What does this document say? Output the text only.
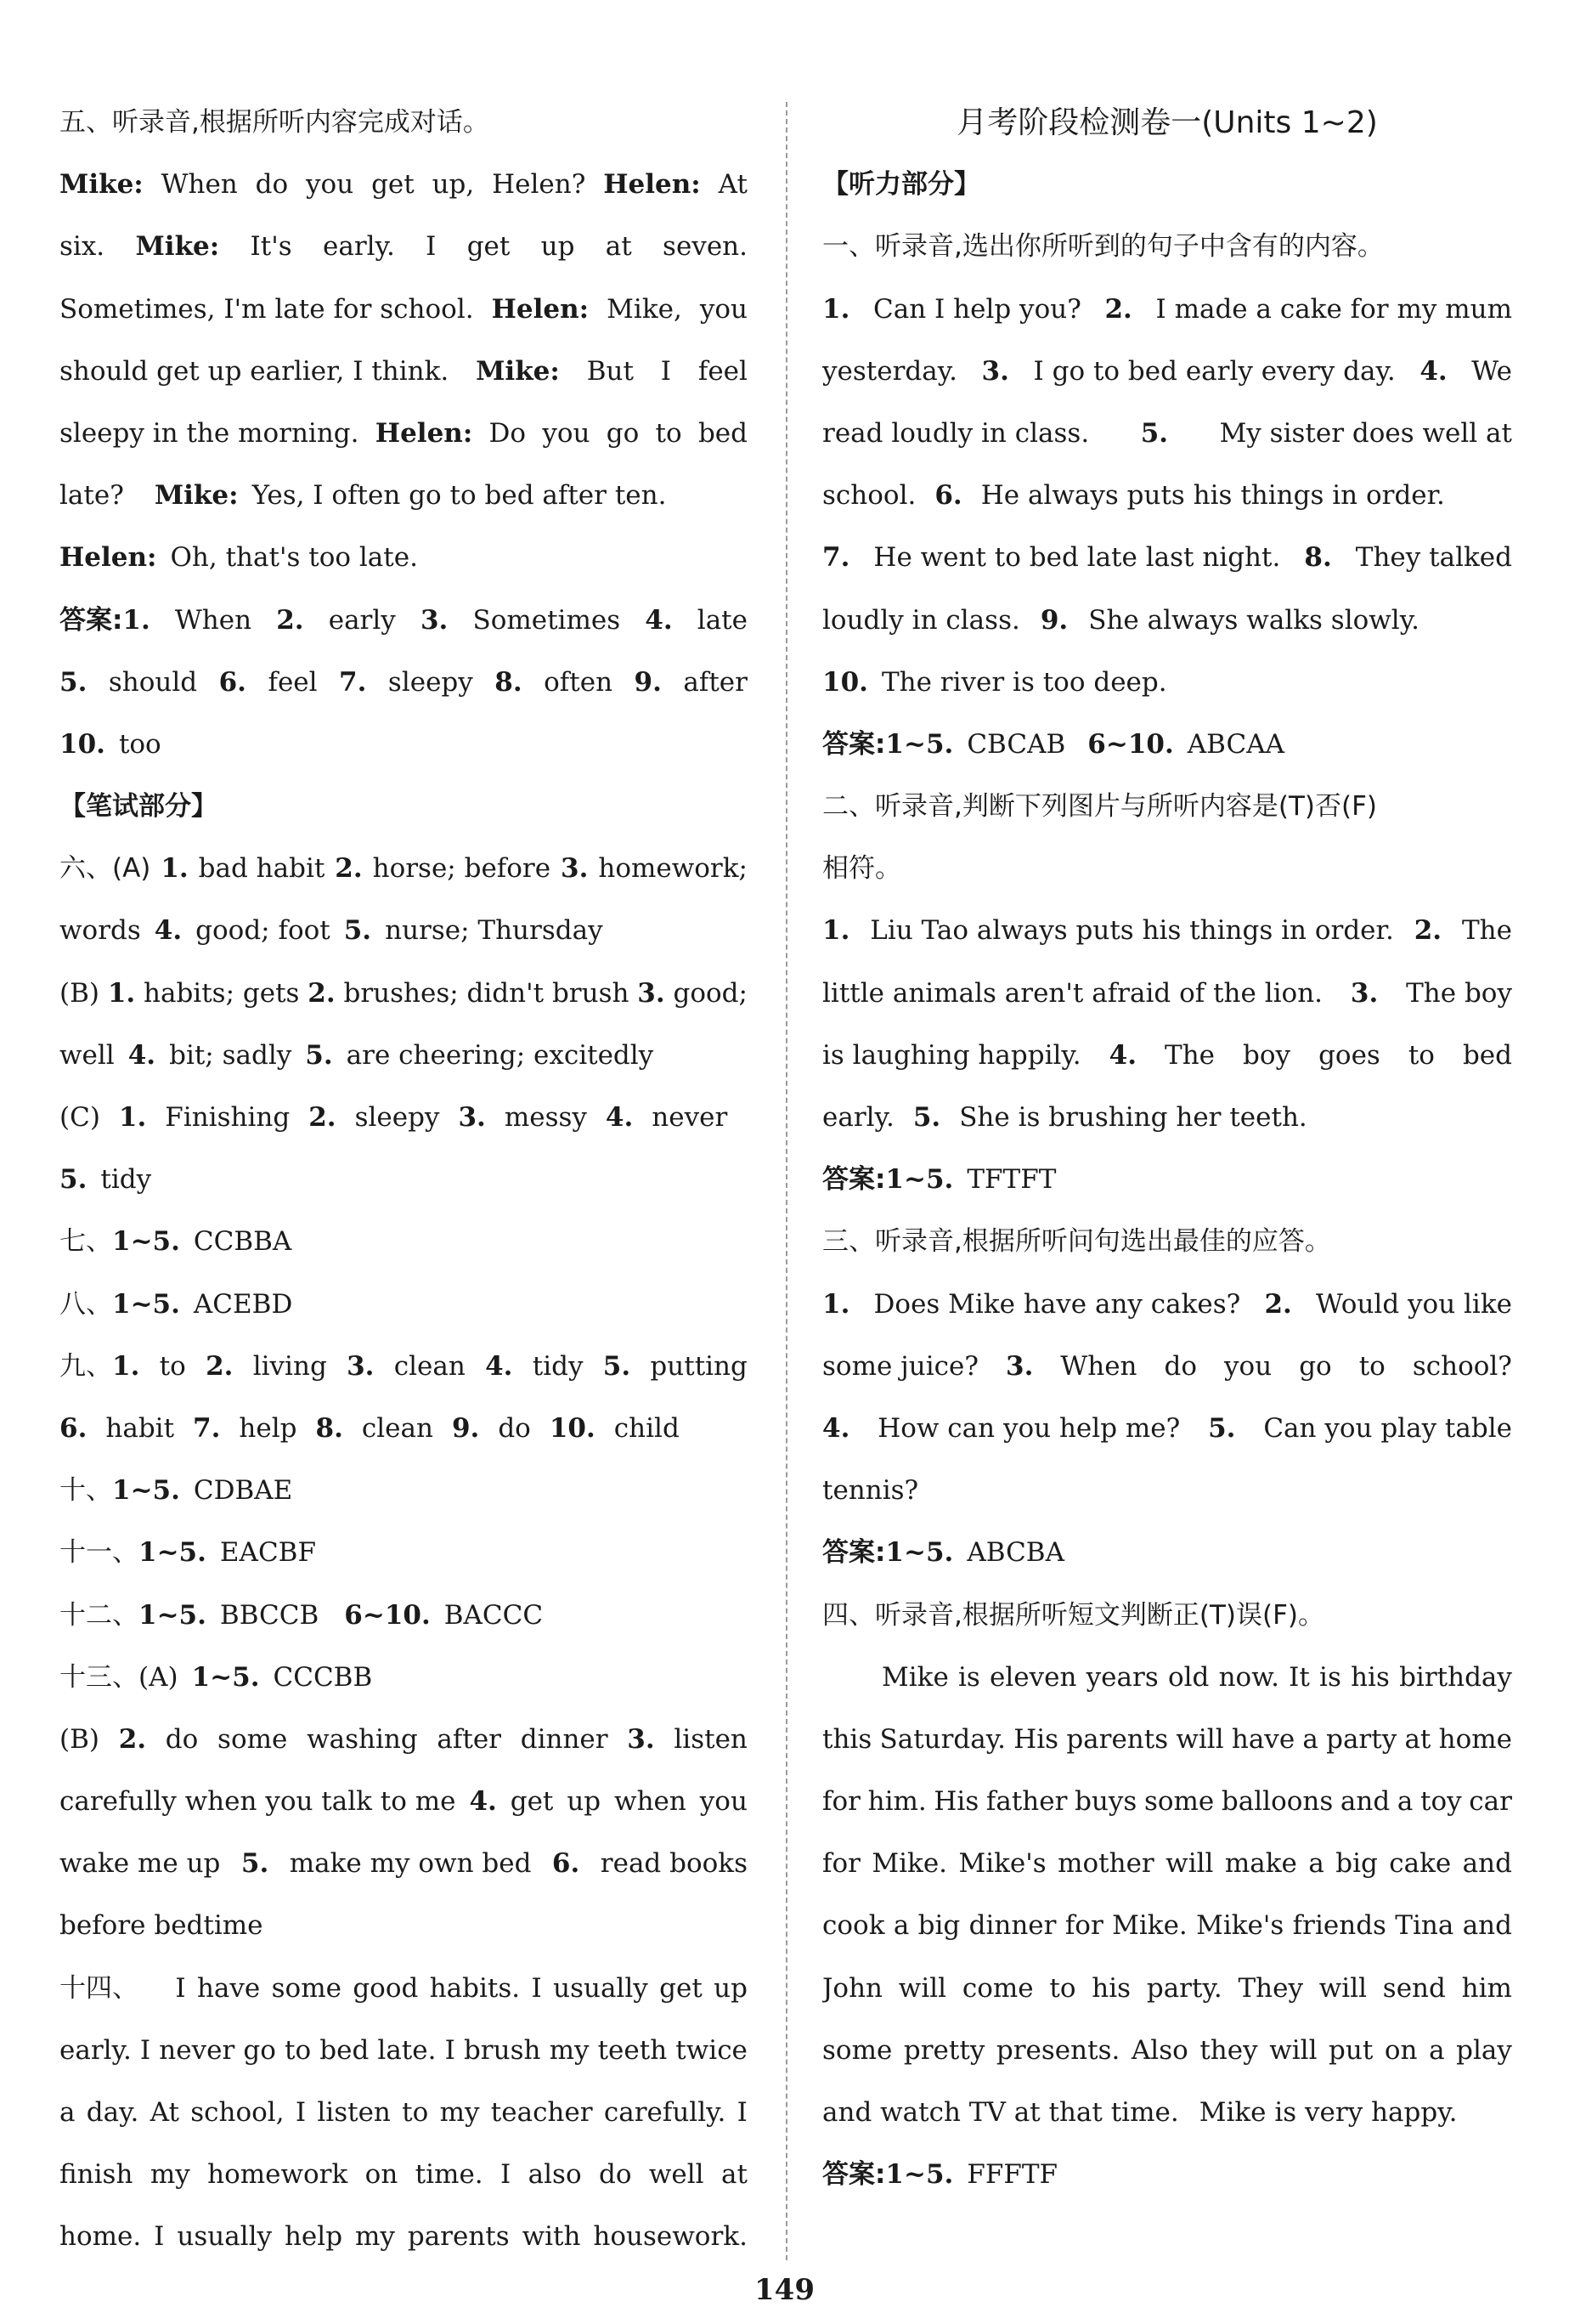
五、听录音,根据所听内容完成对话。
Mike: When do you get up, Helen? Helen: At
six. Mike: It's early. I get up at seven.
Sometimes, I'm late for school. Helen: Mike, you
should get up earlier, I think. Mike: But I feel
sleepy in the morning. Helen: Do you go to bed
late? Mike: Yes, I often go to bed after ten.
Helen: Oh, that's too late.
答案:1. When 2. early 3. Sometimes 4. late
5. should 6. feel 7. sleepy 8. often 9. after
10. too
【笔试部分】
六、(A) 1. bad habit 2. horse; before 3. homework;
words 4. good; foot 5. nurse; Thursday
(B) 1. habits; gets 2. brushes; didn't brush 3. good;
well 4. bit; sadly 5. are cheering; excitedly
(C) 1. Finishing 2. sleepy 3. messy 4. never
5. tidy
七、1~5. CCBBA
八、1~5. ACEBD
九、1. to 2. living 3. clean 4. tidy 5. putting
6. habit 7. help 8. clean 9. do 10. child
十、1~5. CDBAE
十一、1~5. EACBF
十二、1~5. BBCCB 6~10. BACCC
十三、(A) 1~5. CCCBB
(B) 2. do some washing after dinner 3. listen
carefully when you talk to me 4. get up when you
wake me up 5. make my own bed 6. read books
before bedtime
十四、 I have some good habits. I usually get up
early. I never go to bed late. I brush my teeth twice
a day. At school, I listen to my teacher carefully. I
finish my homework on time. I also do well at
home. I usually help my parents with housework.
月考阶段检测卷一(Units 1~2)
【听力部分】
一、听录音,选出你所听到的句子中含有的内容。
1. Can I help you? 2. I made a cake for my mum
yesterday. 3. I go to bed early every day. 4. We
read loudly in class. 5. My sister does well at
school. 6. He always puts his things in order.
7. He went to bed late last night. 8. They talked
loudly in class. 9. She always walks slowly.
10. The river is too deep.
答案:1~5. CBCAB 6~10. ABCAA
二、听录音,判断下列图片与所听内容是(T)否(F)
相符。
1. Liu Tao always puts his things in order. 2. The
little animals aren't afraid of the lion. 3. The boy
is laughing happily. 4. The boy goes to bed
early. 5. She is brushing her teeth.
答案:1~5. TFTFT
三、听录音,根据所听问句选出最佳的应答。
1. Does Mike have any cakes? 2. Would you like
some juice? 3. When do you go to school?
4. How can you help me? 5. Can you play table
tennis?
答案:1~5. ABCBA
四、听录音,根据所听短文判断正(T)误(F)。
Mike is eleven years old now. It is his birthday
this Saturday. His parents will have a party at home
for him. His father buys some balloons and a toy car
for Mike. Mike's mother will make a big cake and
cook a big dinner for Mike. Mike's friends Tina and
John will come to his party. They will send him
some pretty presents. Also they will put on a play
and watch TV at that time. Mike is very happy.
答案:1~5. FFFTF
149
